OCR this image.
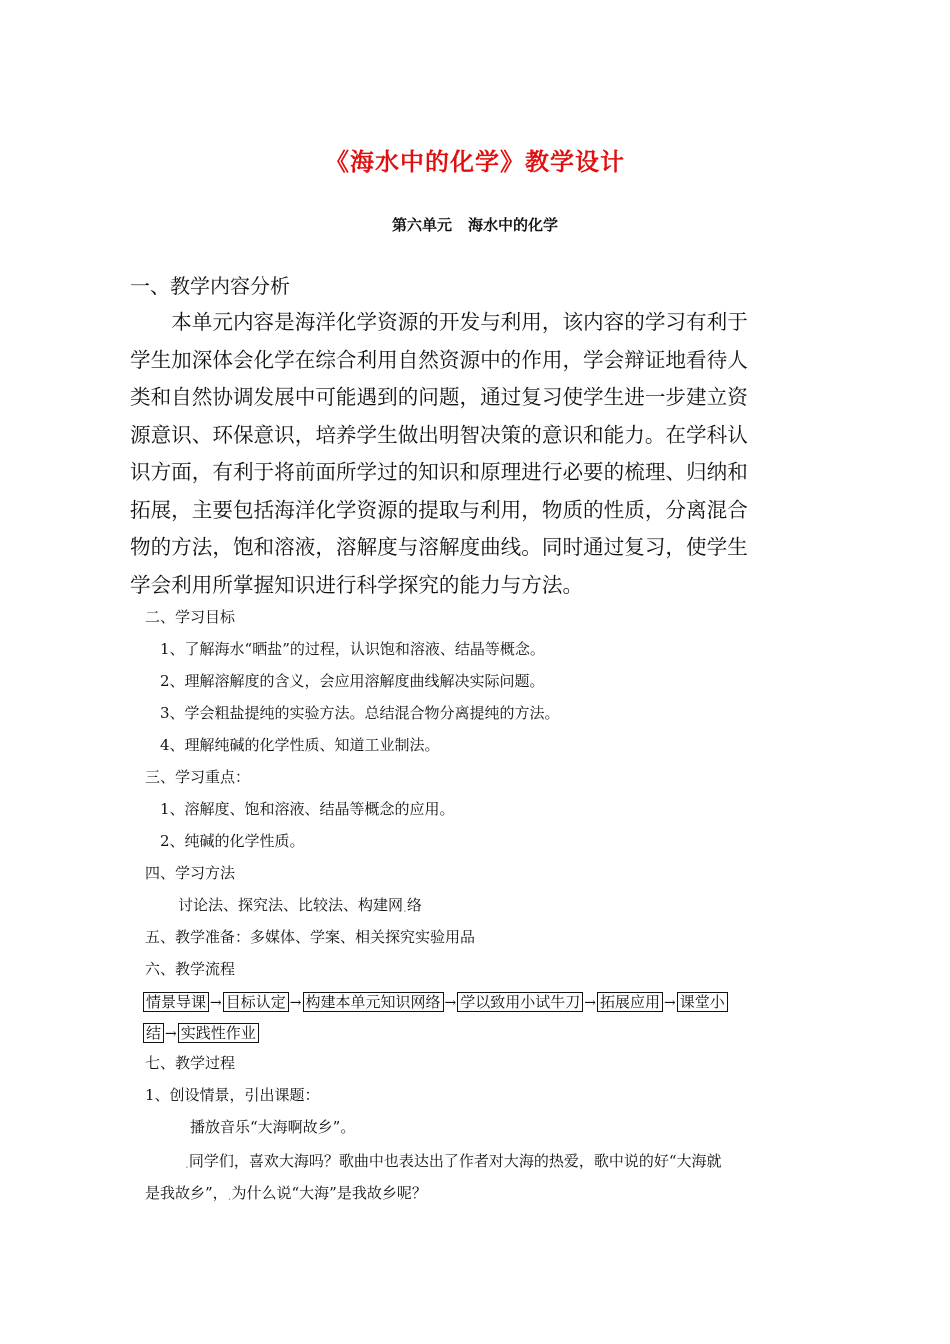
《海水中的化学》教学设计
第六单元 海水中的化学
一、教学内容分析
　　本单元内容是海洋化学资源的开发与利用，该内容的学习有利于
学生加深体会化学在综合利用自然资源中的作用，学会辩证地看待人
类和自然协调发展中可能遇到的问题，通过复习使学生进一步建立资
源意识、环保意识，培养学生做出明智决策的意识和能力。在学科认
识方面，有利于将前面所学过的知识和原理进行必要的梳理、归纳和
拓展，主要包括海洋化学资源的提取与利用，物质的性质，分离混合
物的方法，饱和溶液，溶解度与溶解度曲线。同时通过复习，使学生
学会利用所掌握知识进行科学探究的能力与方法。
二、学习目标
1、了解海水“晒盐”的过程，认识饱和溶液、结晶等概念。
2、理解溶解度的含义，会应用溶解度曲线解决实际问题。
3、学会粗盐提纯的实验方法。总结混合物分离提纯的方法。
4、理解纯碱的化学性质、知道工业制法。
三、学习重点：
1、溶解度、饱和溶液、结晶等概念的应用。
2、纯碱的化学性质。
四、学习方法
讨论法、探究法、比较法、构建网.络
五、教学准备：多媒体、学案、相关探究实验用品
六、教学流程
情景导课 → 目标认定 → 构建本单元知识网络 → 学以致用小试牛刀 → 拓展应用 → 课堂小
结 → 实践性作业
七、教学过程
1、创设情景，引出课题：
播放音乐“大海啊故乡”。
.同学们，喜欢大海吗？歌曲中也表达出了作者对大海的热爱，歌中说的好“大海就
是我故乡”，.为什么说“大海”是我故乡呢？
